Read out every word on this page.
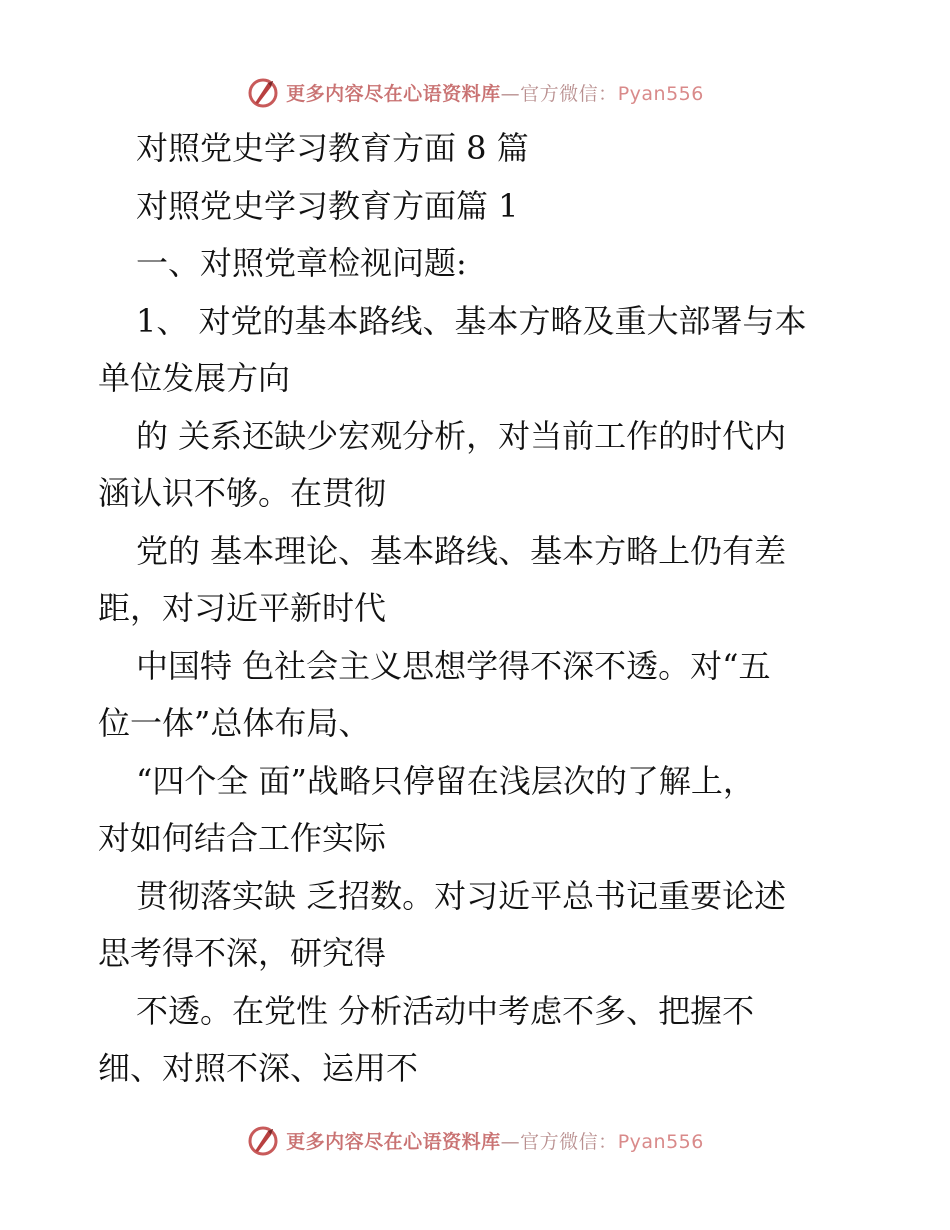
更多内容尽在心语资料库—官方微信：Pyan556
对照党史学习教育方面 8 篇
对照党史学习教育方面篇 1
一、对照党章检视问题:
1、 对党的基本路线、基本方略及重大部署与本
单位发展方向
的 关系还缺少宏观分析，对当前工作的时代内
涵认识不够。在贯彻
党的 基本理论、基本路线、基本方略上仍有差
距，对习近平新时代
中国特 色社会主义思想学得不深不透。对“五
位一体”总体布局、
“四个全 面”战略只停留在浅层次的了解上，
对如何结合工作实际
贯彻落实缺 乏招数。对习近平总书记重要论述
思考得不深，研究得
不透。在党性 分析活动中考虑不多、把握不
细、对照不深、运用不
更多内容尽在心语资料库—官方微信：Pyan556
